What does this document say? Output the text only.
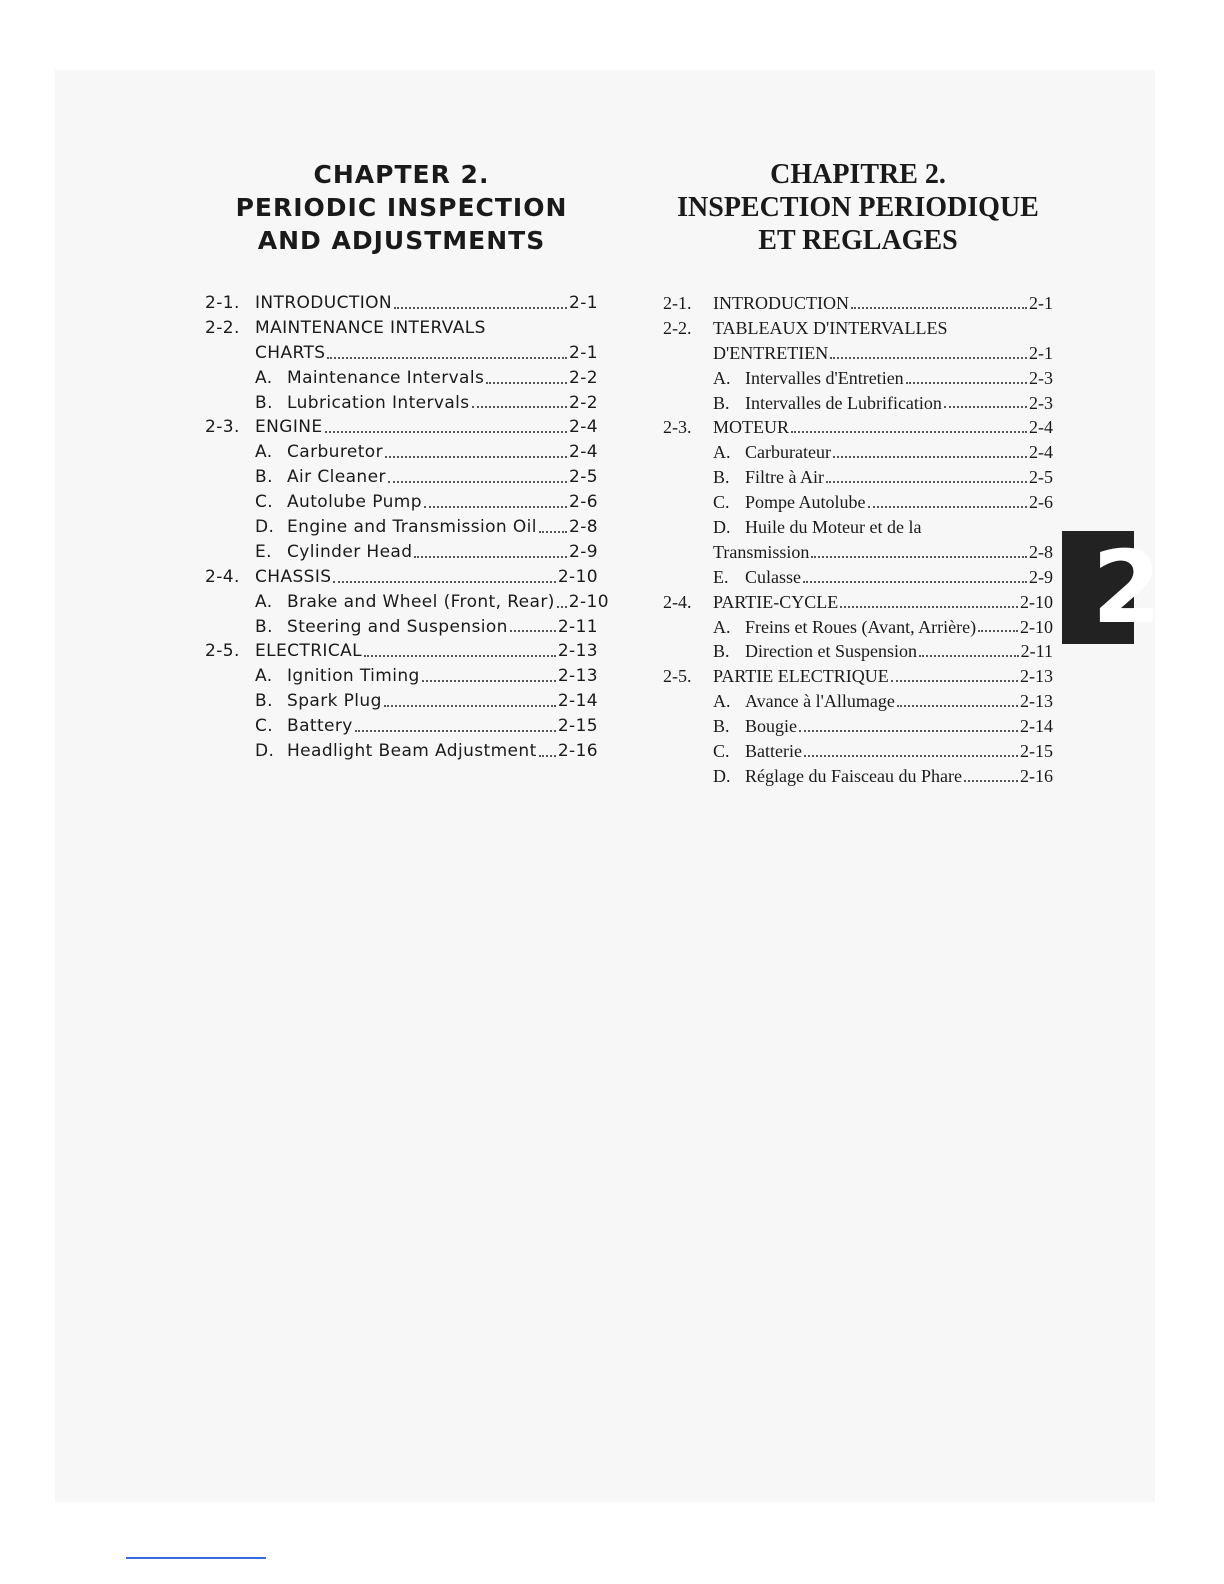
CHAPTER 2.
PERIODIC INSPECTION
AND ADJUSTMENTS
2-1. INTRODUCTION	2-1
2-2. MAINTENANCE INTERVALS
CHARTS	2-1
A. Maintenance Intervals	2-2
B. Lubrication Intervals	2-2
2-3. ENGINE	2-4
A. Carburetor	2-4
B. Air Cleaner	2-5
C. Autolube Pump	2-6
D. Engine and Transmission Oil 2-8
E. Cylinder Head	2-9
2-4. CHASSIS	2-10
A. Brake and Wheel (Front, Rear) 2-10
B. Steering and Suspension	2-11
2-5. ELECTRICAL	2-13
A. Ignition Timing	2-13
B. Spark Plug	2-14
C. Battery	2-15
D. Headlight Beam Adjustment 2-16
CHAPITRE 2.
INSPECTION PERIODIQUE
ET REGLAGES
2-1.	INTRODUCTION	2-1
2-2.	TABLEAUX D'INTERVALLES
D'ENTRETIEN	2-1
A. Intervalles d'Entretien	2-3
B. Intervalles de Lubrification	2-3
2-3.	MOTEUR	2-4
A. Carburateur	2-4
B. Filtre à Air	2-5
C. Pompe Autolube	2-6
D. Huile du Moteur et de la
Transmission	2-8
E. Culasse	2-9
2-4.	PARTIE-CYCLE	2-10
A. Freins et Roues (Avant, Arrière) 2-10
B. Direction et Suspension	2-11
2-5.	PARTIE ELECTRIQUE	2-13
A. Avance à l'Allumage	2-13
B. Bougie	2-14
C. Batterie	2-15
D. Réglage du Faisceau du Phare	2-16
2
